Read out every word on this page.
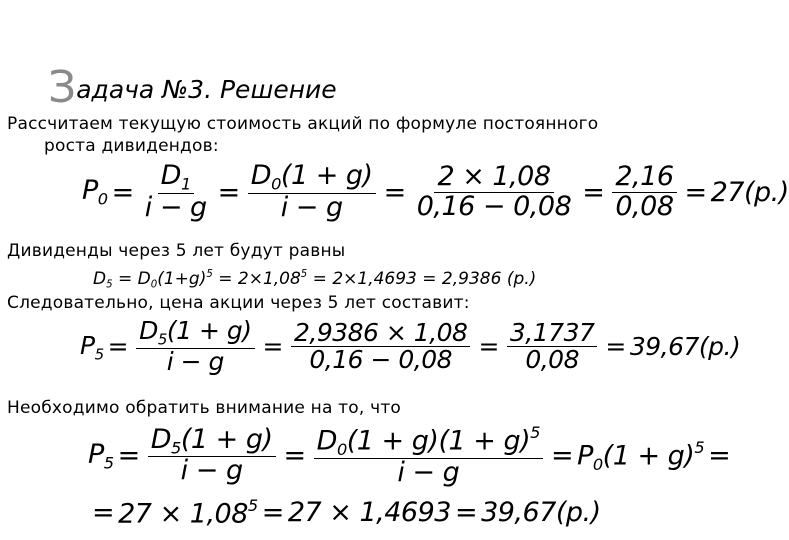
Задача №3. Решение
Рассчитаем текущую стоимость акций по формуле постоянного
роста дивидендов:
$P_0 = \frac{D_1}{i - g} = \frac{D_0(1 + g)}{i - g} = \frac{2 \times 1,08}{0,16 - 0,08} = \frac{2,16}{0,08} = 27(р.)$
Дивиденды через 5 лет будут равны
$D_5 = D_0(1+g)^5 = 2\times 1,08^5 = 2\times 1,4693 = 2,9386$ (р.)
Следовательно, цена акции через 5 лет составит:
$P_5 = \frac{D_5(1 + g)}{i - g} = \frac{2,9386 \times 1,08}{0,16 - 0,08} = \frac{3,1737}{0,08} = 39,67(р.)$
Необходимо обратить внимание на то, что
$P_5 = \frac{D_5(1 + g)}{i - g} = \frac{D_0(1 + g)(1 + g)^5}{i - g} = P_0(1 + g)^5$ =
= $27 \times 1,08^5 = 27 \times 1,4693 = 39,67(р.)$
